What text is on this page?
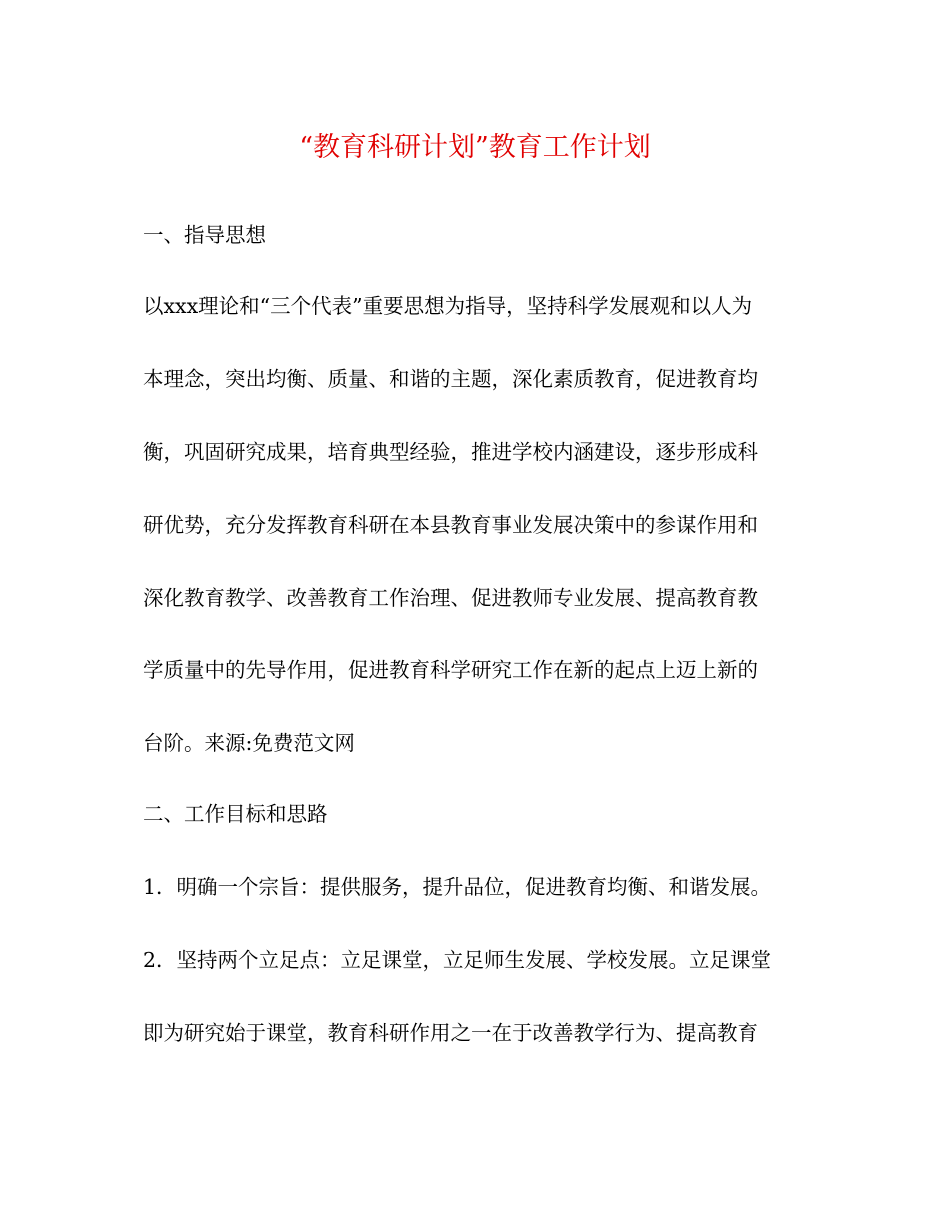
“教育科研计划”教育工作计划
一、指导思想
以xxx理论和“三个代表”重要思想为指导，坚持科学发展观和以人为
本理念，突出均衡、质量、和谐的主题，深化素质教育，促进教育均
衡，巩固研究成果，培育典型经验，推进学校内涵建设，逐步形成科
研优势，充分发挥教育科研在本县教育事业发展决策中的参谋作用和
深化教育教学、改善教育工作治理、促进教师专业发展、提高教育教
学质量中的先导作用，促进教育科学研究工作在新的起点上迈上新的
台阶。来源:免费范文网
二、工作目标和思路
1．明确一个宗旨：提供服务，提升品位，促进教育均衡、和谐发展。
2．坚持两个立足点：立足课堂，立足师生发展、学校发展。立足课堂
即为研究始于课堂，教育科研作用之一在于改善教学行为、提高教育
